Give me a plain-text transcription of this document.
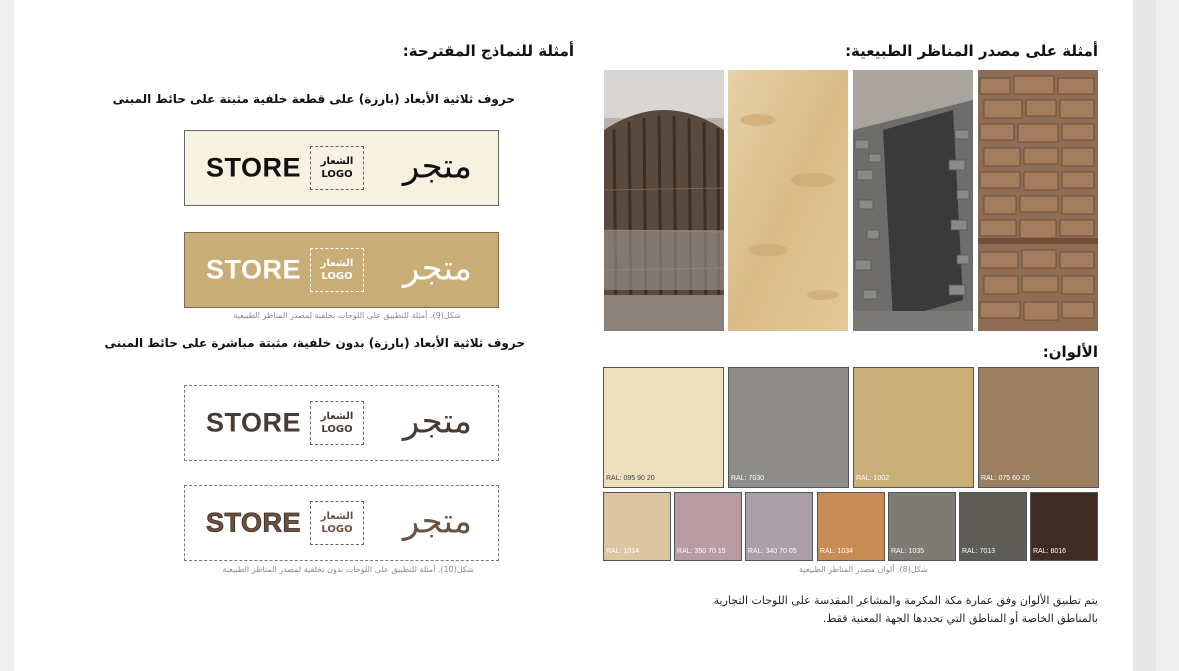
أمثلة على مصدر المناظر الطبيعية:
الألوان:
شكل(8). ألوان مصدر المناظر الطبيعية
يتم تطبيق الألوان وفق عمارة مكة المكرمة والمشاعر المقدسة على اللوحات التجارية
بالمناطق الخاصة أو المناطق التي تحددها الجهة المعنية فقط.
أمثلة للنماذج المقترحة:
حروف ثلاثية الأبعاد (بارزة) على قطعة خلفية مثبتة على حائط المبنى
STORE	الشعار
LOGO	متجر
STORE	الشعار
LOGO	متجر
شكل(9). أمثلة للتطبيق على اللوحات بخلفية لمصدر المناظر الطبيعية
حروف ثلاثية الأبعاد (بارزة) بدون خلفية، مثبتة مباشرة على حائط المبنى
STORE	الشعار
LOGO	متجر
STORE	الشعار
LOGO	متجر
شكل(10). أمثلة للتطبيق على اللوحات بدون بخلفية لمصدر المناظر الطبيعية
RAL: 095 90 20	RAL: 7030	RAL: 1002	RAL: 075 60 20
RAL: 1014	RAL: 350 70 15	RAL: 340 70 05	RAL: 1034	RAL: 1035	RAL: 7013	RAL: 8016
